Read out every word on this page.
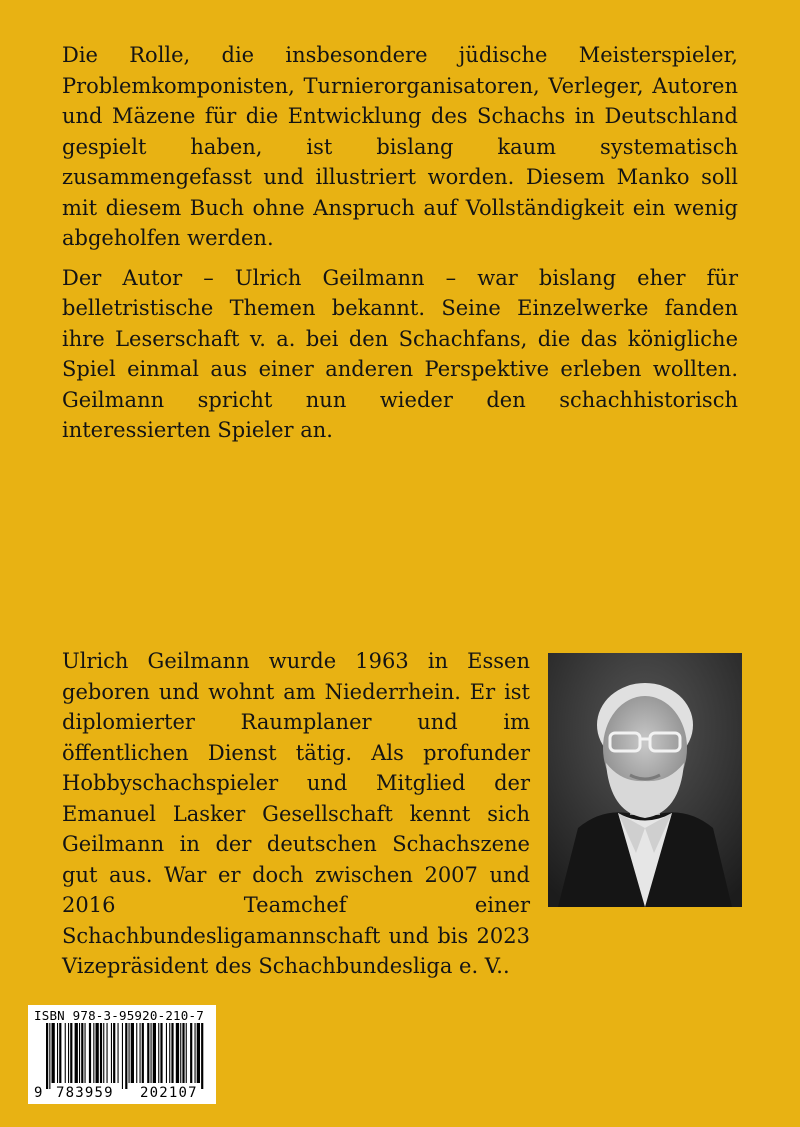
Die Rolle, die insbesondere jüdische Meisterspieler, Problemkomponisten, Turnierorganisatoren, Verleger, Autoren und Mäzene für die Entwicklung des Schachs in Deutschland gespielt haben, ist bislang kaum systematisch zusammengefasst und illustriert worden. Diesem Manko soll mit diesem Buch ohne Anspruch auf Vollständigkeit ein wenig abgeholfen werden.

Der Autor – Ulrich Geilmann – war bislang eher für belletristische Themen bekannt. Seine Einzelwerke fanden ihre Leserschaft v. a. bei den Schachfans, die das königliche Spiel einmal aus einer anderen Perspektive erleben wollten. Geilmann spricht nun wieder den schachhistorisch interessierten Spieler an.

Ulrich Geilmann wurde 1963 in Essen geboren und wohnt am Niederrhein. Er ist diplomierter Raumplaner und im öffentlichen Dienst tätig. Als profunder Hobbyschachspieler und Mitglied der Emanuel Lasker Gesellschaft kennt sich Geilmann in der deutschen Schachszene gut aus. War er doch zwischen 2007 und 2016 Teamchef einer Schachbundesligamannschaft und bis 2023 Vizepräsident des Schachbundesliga e. V..

ISBN 978-3-95920-210-7
9 783959 202107
